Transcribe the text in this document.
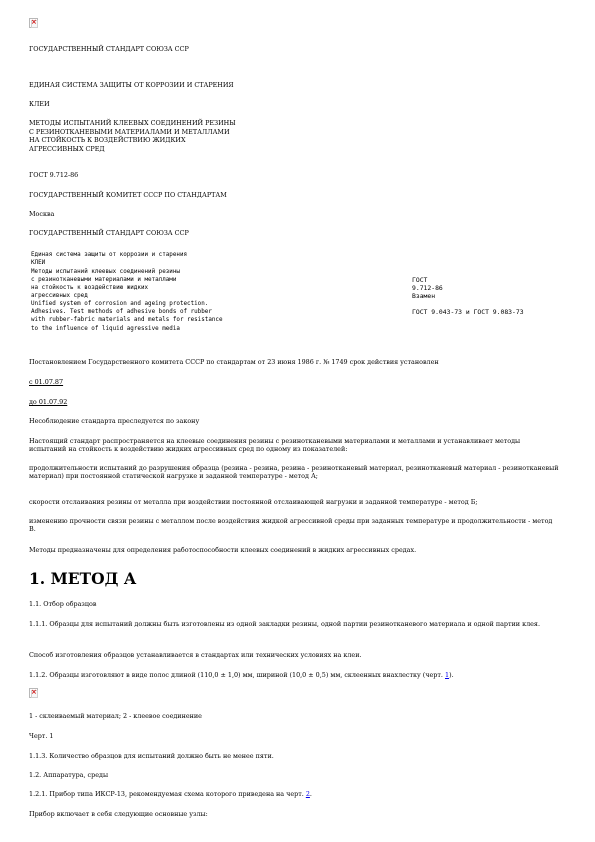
×
ГОСУДАРСТВЕННЫЙ СТАНДАРТ СОЮЗА ССР
ЕДИНАЯ СИСТЕМА ЗАЩИТЫ ОТ КОРРОЗИИ И СТАРЕНИЯ
КЛЕИ
МЕТОДЫ ИСПЫТАНИЙ КЛЕЕВЫХ СОЕДИНЕНИЙ РЕЗИНЫ
С РЕЗИНОТКАНЕВЫМИ МАТЕРИАЛАМИ И МЕТАЛЛАМИ
НА СТОЙКОСТЬ К ВОЗДЕЙСТВИЮ ЖИДКИХ
АГРЕССИВНЫХ СРЕД
ГОСТ 9.712-86
ГОСУДАРСТВЕННЫЙ КОМИТЕТ СССР ПО СТАНДАРТАМ
Москва
ГОСУДАРСТВЕННЫЙ СТАНДАРТ СОЮЗА ССР
Единая система защиты от коррозии и старения
КЛЕИ
Методы испытаний клеевых соединений резины
с резинотканевыми материалами и металлами
на стойкость к воздействию жидких
агрессивных сред
Unified system of corrosion and ageing protection.
Adhesives. Test methods of adhesive bonds of rubber
with rubber-fabric materials and metals for resistance
to the influence of liquid agressive media
ГОСТ
9.712-86
Взамен
ГОСТ 9.043-73 и ГОСТ 9.083-73
Постановлением Государственного комитета СССР по стандартам от 23 июня 1986 г. № 1749 срок действия установлен
с 01.07.87
до 01.07.92
Несоблюдение стандарта преследуется по закону
Настоящий стандарт распространяется на клеевые соединения резины с резинотканевыми материалами и металлами и устанавливает методы испытаний на стойкость к воздействию жидких агрессивных сред по одному из показателей:
продолжительности испытаний до разрушения образца (резина - резина, резина - резинотканевый материал, резинотканевый материал - резинотканевый материал) при постоянной статической нагрузке и заданной температуре - метод А;
скорости отслаивания резины от металла при воздействии постоянной отслаивающей нагрузки и заданной температуре - метод Б;
изменению прочности связи резины с металлом после воздействия жидкой агрессивной среды при заданных температуре и продолжительности - метод В.
Методы предназначены для определения работоспособности клеевых соединений в жидких агрессивных средах.
1. МЕТОД А
1.1. Отбор образцов
1.1.1. Образцы для испытаний должны быть изготовлены из одной закладки резины, одной партии резинотканевого материала и одной партии клея.
Способ изготовления образцов устанавливается в стандартах или технических условиях на клеи.
1.1.2. Образцы изготовляют в виде полос длиной (110,0 ± 1,0) мм, шириной (10,0 ± 0,5) мм, склеенных внахлестку (черт. 1).
×
1 - склеиваемый материал; 2 - клеевое соединение
Черт. 1
1.1.3. Количество образцов для испытаний должно быть не менее пяти.
1.2. Аппаратура, среды
1.2.1. Прибор типа ИКСР-13, рекомендуемая схема которого приведена на черт. 2.
Прибор включает в себя следующие основные узлы:
